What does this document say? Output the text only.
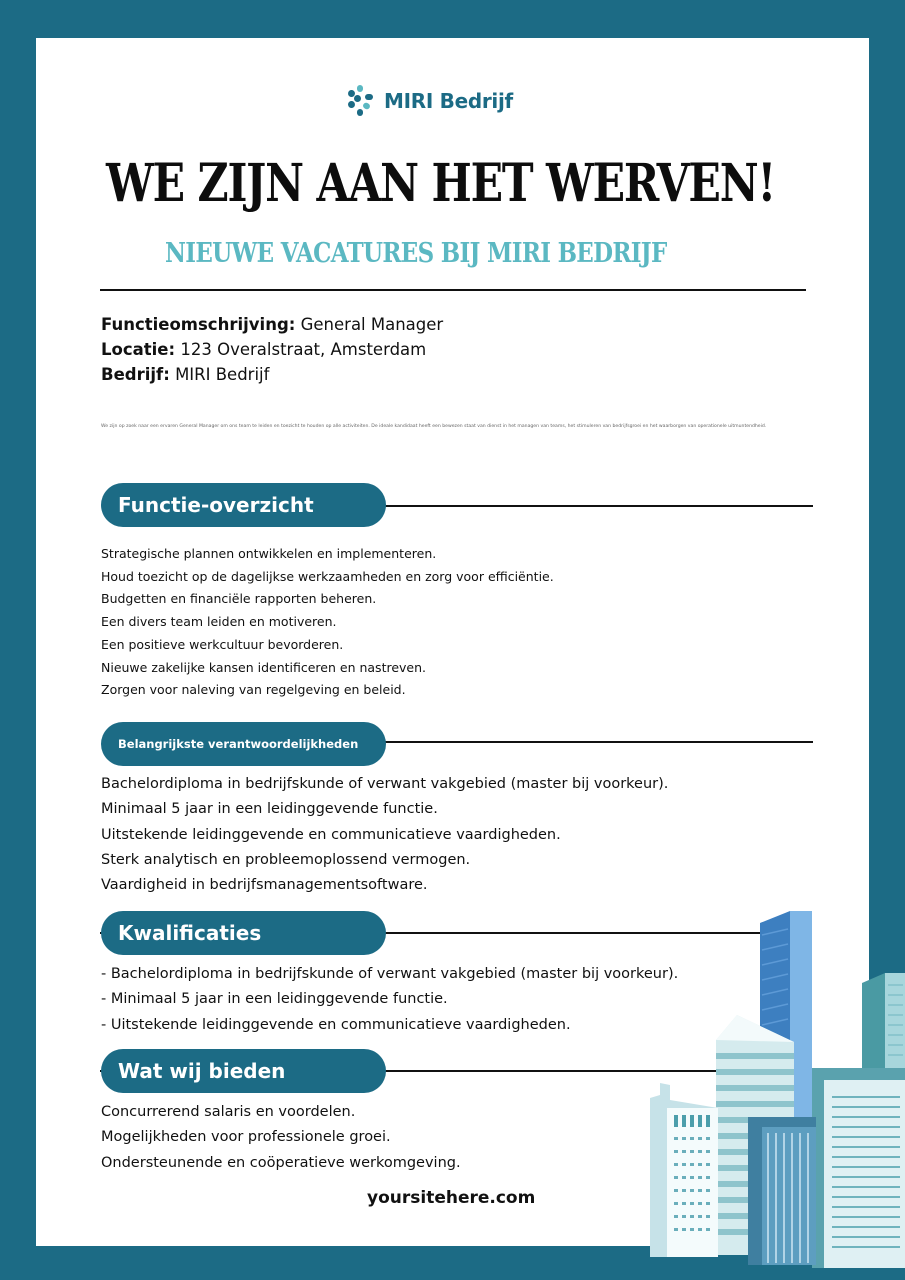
MIRI Bedrijf
WE ZIJN AAN HET WERVEN!
NIEUWE VACATURES BIJ MIRI BEDRIJF
Functieomschrijving: General Manager
Locatie: 123 Overalstraat, Amsterdam
Bedrijf: MIRI Bedrijf
We zijn op zoek naar een ervaren General Manager om ons team te leiden en toezicht te houden op alle activiteiten. De ideale kandidaat heeft een bewezen staat van dienst in het managen van teams, het stimuleren van bedrijfsgroei en het waarborgen van operationele uitmuntendheid.
Functie-overzicht
Strategische plannen ontwikkelen en implementeren.
Houd toezicht op de dagelijkse werkzaamheden en zorg voor efficiëntie.
Budgetten en financiële rapporten beheren.
Een divers team leiden en motiveren.
Een positieve werkcultuur bevorderen.
Nieuwe zakelijke kansen identificeren en nastreven.
Zorgen voor naleving van regelgeving en beleid.
Belangrijkste verantwoordelijkheden
Bachelordiploma in bedrijfskunde of verwant vakgebied (master bij voorkeur).
Minimaal 5 jaar in een leidinggevende functie.
Uitstekende leidinggevende en communicatieve vaardigheden.
Sterk analytisch en probleemoplossend vermogen.
Vaardigheid in bedrijfsmanagementsoftware.
Kwalificaties
- Bachelordiploma in bedrijfskunde of verwant vakgebied (master bij voorkeur).
- Minimaal 5 jaar in een leidinggevende functie.
- Uitstekende leidinggevende en communicatieve vaardigheden.
Wat wij bieden
Concurrerend salaris en voordelen.
Mogelijkheden voor professionele groei.
Ondersteunende en coöperatieve werkomgeving.
yoursitehere.com
